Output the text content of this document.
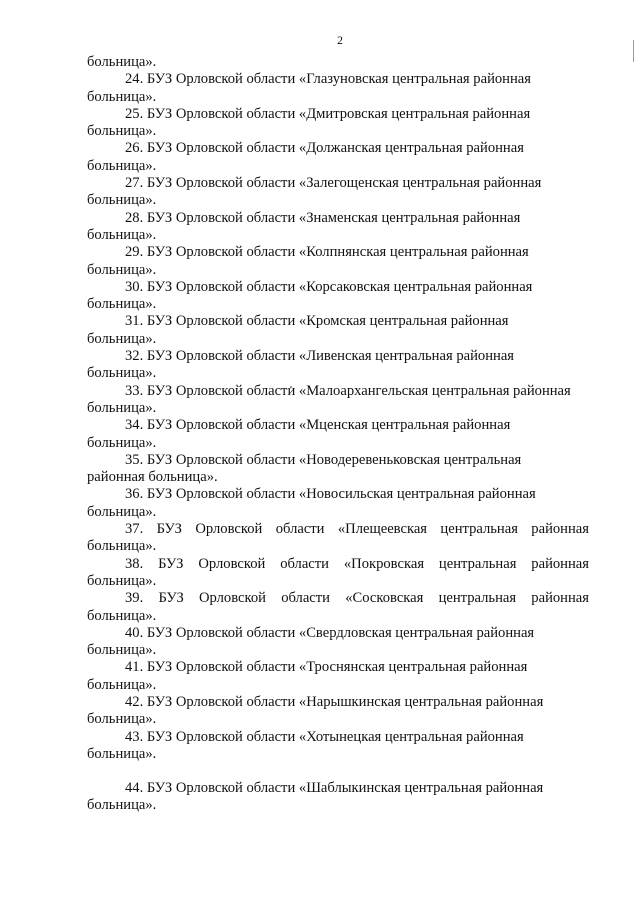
2
больница».
24. БУЗ Орловской области «Глазуновская центральная районная
больница».
25. БУЗ Орловской области «Дмитровская центральная районная
больница».
26. БУЗ Орловской области «Должанская центральная районная
больница».
27. БУЗ Орловской области «Залегощенская центральная районная
больница».
28. БУЗ Орловской области «Знаменская центральная районная
больница».
29. БУЗ Орловской области «Колпнянская центральная районная
больница».
30. БУЗ Орловской области «Корсаковская центральная районная
больница».
31. БУЗ Орловской области «Кромская центральная районная
больница».
32. БУЗ Орловской области «Ливенская центральная районная
больница».
33. БУЗ Орловской области «Малоархангельская центральная районная
больница».
34. БУЗ Орловской области «Мценская центральная районная
больница».
35. БУЗ Орловской области «Новодеревеньковская центральная
районная больница».
36. БУЗ Орловской области «Новосильская центральная районная
больница».
37. БУЗ Орловской области «Плещеевская центральная районная
больница».
38. БУЗ Орловской области «Покровская центральная районная
больница».
39. БУЗ Орловской области «Сосковская центральная районная
больница».
40. БУЗ Орловской области «Свердловская центральная районная
больница».
41. БУЗ Орловской области «Троснянская центральная районная
больница».
42. БУЗ Орловской области «Нарышкинская центральная районная
больница».
43. БУЗ Орловской области «Хотынецкая центральная районная
больница».
44. БУЗ Орловской области «Шаблыкинская центральная районная
больница».
